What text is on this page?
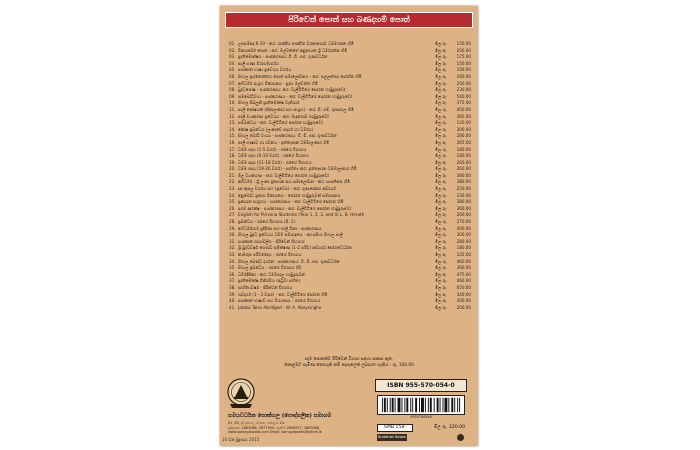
පිරිවෙන් පොත් සහ බණදහම් පොත්
01. උපසම්පදා 6-10 - කර: රාජකීය පණ්ඩිත වරකාගොඩ ධම්මරතන හිමි	මිල රු.	150.00
02. විනයකර්ම පොත - කර: මල්වත්තේ අනුනායක ශ්‍රී ධර්මරත්න හිමි	මිල රු.	200.00
03. ප්‍රාතිමොක්ෂය - සංස්කරණය: වී. ඩී. එස්. ගුණවර්ධන	මිල රු.	175.00
04. පාලි භාෂා විරාගමාර්ගය	මිල රු.	150.00
05. සංස්කෘත භාෂා ප්‍රවේශය වර්ගය	මිල රු.	100.00
06. සිංහල ප්‍රශ්නෝත්තර පොත් සමාලෝචනය - කර: පල්ලත්තර සෝභිත හිමි	මිල රු.	160.00
07. අභිධර්ම සංග්‍රහ විකාශනය - පූජ්‍ය මල්වත්ත හිමි	මිල රු.	200.00
08. බුද්ධඝෝෂ - සංස්කරණය: කර: වැලිවිටියේ සෝරත හාමුදුරුවෝ	මිල රු.	230.00
09. සම්බෝධිවංශ - සංස්කරණය - කර: වැලිවිටියේ සෝරත හාමුදුරුවෝ	මිල රු.	540.00
10. සිංහල සිඛලුනි ප්‍රාතිමෝක්ෂ වැනියාර්	මිල රු.	375.00
11. පාලි කෝෂයක් (ජිනාලංකාර සහ සංග්‍රහ) - කර: ඩී. එම්. ගුණපාල හිමි	මිල රු.	400.00
12. පාලි ව්‍යාකරණ ප්‍රවේශය - කර: මැදගොඩ හාමුදුරුවෝ	මිල රු.	365.00
13. සම්බන්ධය - කර: වැලිවිටියේ සෝරත හාමුදුරුවෝ	මිල රු.	120.00
14. කෝෂ ප්‍රබන්ධය (ලංකාවේ පදාර්ථ හා ධර්මය)	මිල රු.	300.00
15. සිංහල බෝධි වංශය - සංස්කරණය: වී. ඩී. එස්. ගුණවර්ධන	මිල රු.	280.00
16. පාලි භාෂාව හා රචනය - ඉත්තෑපාන ධම්මාලංකාර හිමි	මිල රු.	365.00
17. ධම්ම පදය (1-5 වර්ග) - රජයේ විභාගය	මිල රු.	180.00
18. ධම්ම පදය (6-10 වර්ග) - රජයේ විභාගය	මිල රු.	180.00
19. ධම්ම පදය (11-18 වර්ග) - රජයේ විභාගය	මිල රු.	260.00
20. ධම්ම පදය (19-26 වර්ග) - සාහිත්‍ය කර: ඉත්තෑපාන ධම්මාලංකාර හිමි	මිල රු.	260.00
21. බිල ව්‍යාකරණ - කර: වැලිවිටියේ සෝරත හාමුදුරුවෝ	මිල රු.	380.00
22. අභිධර්ම - ශ්‍රී ලංකා ප්‍රකාශන සහ සමාලෝචන - කර: සංඝතිස්ස හිමි	මිල රු.	380.00
23. දස කුසල වර්ගය සහ (ප්‍රවේශ) - කර: ගුණසේකර ආචාර්ය	මිල රු.	250.00
24. අනුබෝධ ප්‍රකාශ විකාශනය - සෝරත හාමුදුරුවන් සම්පාදනය	මිල රු.	230.00
25. ප්‍රකාශන සංග්‍රහය - සංස්කරණය - කර: වැලිවිටියේ සෝරත හිමි	මිල රු.	380.00
26. පරම ආරක්ෂ - සංස්කරණය - කර: වැලිවිටියේ සෝරත හාමුදුරුවෝ	මිල රු.	360.00
27. English for Pirivena Students (Year 1, 2, 3, and 4) L. B. Herath	මිල රු.	260.00
28. ප්‍රබන්ධය - රජයේ විභාගය (පි. ච)	මිල රු.	270.00
29. අභිධර්මාර්ථ ප්‍රදීපිකා සහ පාලි ටීකා - සංස්කරණය	මිල රු.	400.00
30. සිංහල බුද්ධ ප්‍රවේශය ධම්ම සම්පාදනය - අභයසිංහ සිංහල පාලි	මිල රු.	300.00
31. සංස්කෘත ගාථාවලිය - පිරිවෙන් විභාගය	මිල රු.	280.00
32. ශ්‍රී බුද්ධවර්ෂ ගෞරව සමීක්ෂණ (1-2 පරිච්) ආචාර්ය සෝරතවර්ධන	මිල රු.	180.00
33. නාමරූප පරිච්ඡේදය - රජයේ විභාගය	මිල රු.	335.00
34. සිංහල බෞද්ධ දර්ශන - සංස්කරණය: වී. ඩී. එස්. ගුණවර්ධන	මිල රු.	460.00
35. සිංහල ප්‍රබන්ධය - රජයේ විභාගය (පි)	මිල රු.	360.00
36. ධර්මදීපිකා - කර: ධම්මපාල හාමුදුරුවන්	මිල රු.	475.00
37. ප්‍රාතිමෝක්ෂ විනිශ්චය (අටුවා සහිත)	මිල රු.	460.00
38. සාහිත්‍යවර්ෂ - පිරිවෙන් විභාගය	මිල රු.	650.00
39. ශබ්දාර්ථ (1 - 3 වසර) - කර: වැලිවිටියේ සෝරත හිමි	මිල රු.	340.00
40. සංස්කෘත භාෂාව සහ වියරණය - රජයේ විභාගය	මිල රු.	300.00
41. Jataka Tales Abridged - W. A. Abeysinghe	මිල රු.	200.00
සෑම පොතක්ම පිරිවෙන් විභාග සඳහා සකසා ඇත.
කොළඹට පැමිණ නොහැකි නම් තැපෑලෙන් ලබාගත හැකිය - රු. 100.00
සමයවර්ධන පොත්හල (පෞද්ගලික) සමාගම
61, 63, ශ්‍රී සුමංගල මාවත, කොළඹ 10.
දුරකථන: 2683086, 2677599, ෆැක්ස්: 2698977, 2683086
www.samayabooks.com Email: samayabooks@sltnet.lk
ISBN 955-570-054-0
9555700540
SMB 158-	මිල රු. 320.00
Buddhist Books
10 වන මුද්‍රණය 2015
